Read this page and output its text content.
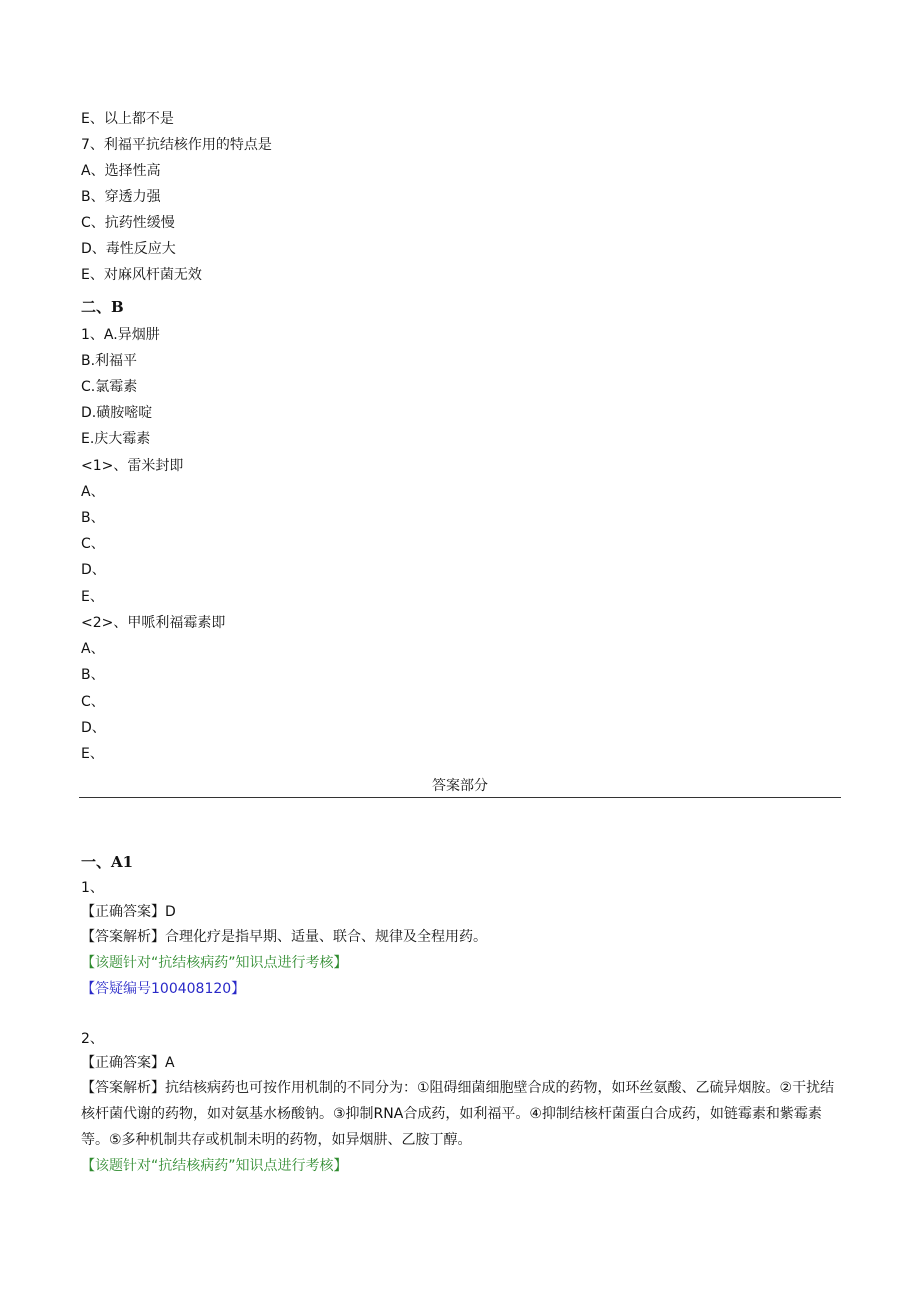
E、以上都不是
7、利福平抗结核作用的特点是
A、选择性高
B、穿透力强
C、抗药性缓慢
D、毒性反应大
E、对麻风杆菌无效
二、B
1、A.异烟肼
B.利福平
C.氯霉素
D.磺胺嘧啶
E.庆大霉素
<1>、雷米封即
A、
B、
C、
D、
E、
<2>、甲哌利福霉素即
A、
B、
C、
D、
E、
答案部分
一、A1
1、
【正确答案】D
【答案解析】合理化疗是指早期、适量、联合、规律及全程用药。
【该题针对“抗结核病药”知识点进行考核】
【答疑编号100408120】
2、
【正确答案】A
【答案解析】抗结核病药也可按作用机制的不同分为：①阻碍细菌细胞壁合成的药物，如环丝氨酸、乙硫异烟胺。②干扰结核杆菌代谢的药物，如对氨基水杨酸钠。③抑制RNA合成药，如利福平。④抑制结核杆菌蛋白合成药，如链霉素和紫霉素等。⑤多种机制共存或机制未明的药物，如异烟肼、乙胺丁醇。
【该题针对“抗结核病药”知识点进行考核】
